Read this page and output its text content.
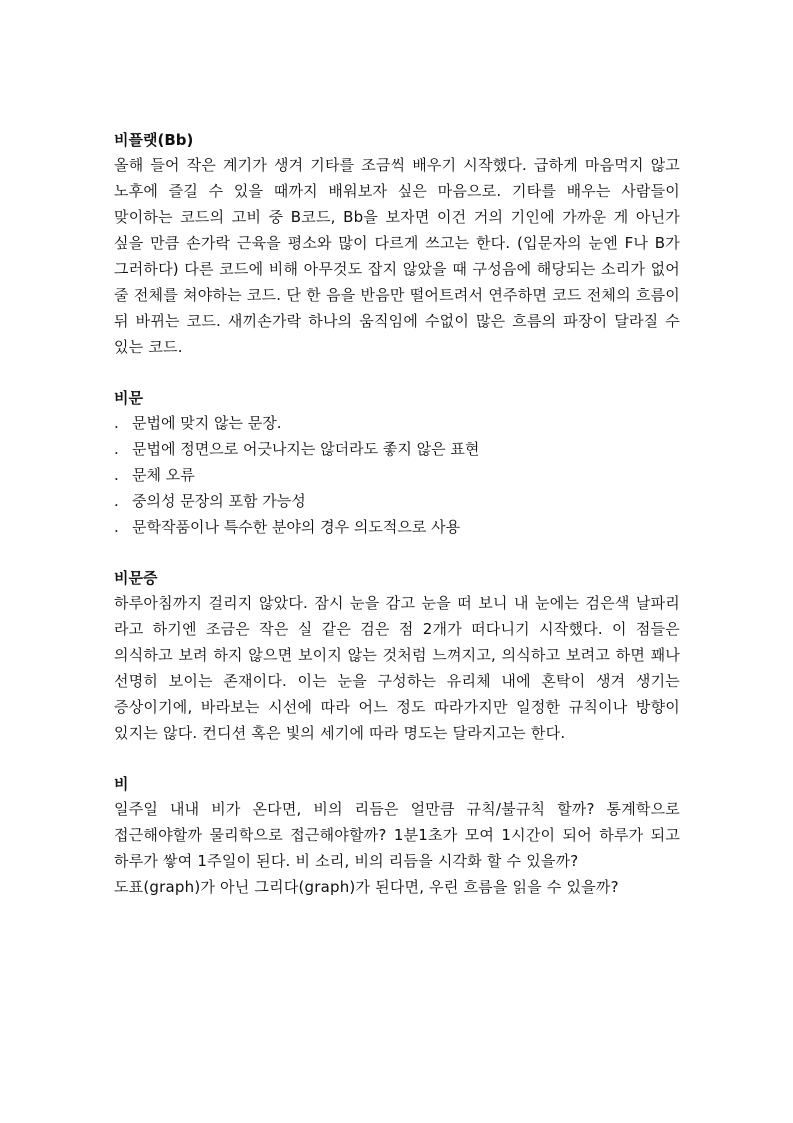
비플랫(Bb)

올해 들어 작은 계기가 생겨 기타를 조금씩 배우기 시작했다. 급하게 마음먹지 않고 노후에 즐길 수 있을 때까지 배워보자 싶은 마음으로. 기타를 배우는 사람들이 맞이하는 코드의 고비 중 B코드, Bb을 보자면 이건 거의 기인에 가까운 게 아닌가 싶을 만큼 손가락 근육을 평소와 많이 다르게 쓰고는 한다. (입문자의 눈엔 F나 B가 그러하다) 다른 코드에 비해 아무것도 잡지 않았을 때 구성음에 해당되는 소리가 없어 줄 전체를 쳐야하는 코드. 단 한 음을 반음만 떨어트려서 연주하면 코드 전체의 흐름이 뒤 바뀌는 코드. 새끼손가락 하나의 움직임에 수없이 많은 흐름의 파장이 달라질 수 있는 코드.

비문
. 문법에 맞지 않는 문장.
. 문법에 정면으로 어긋나지는 않더라도 좋지 않은 표현
. 문체 오류
. 중의성 문장의 포함 가능성
. 문학작품이나 특수한 분야의 경우 의도적으로 사용
비문증

하루아침까지 걸리지 않았다. 잠시 눈을 감고 눈을 떠 보니 내 눈에는 검은색 날파리 라고 하기엔 조금은 작은 실 같은 검은 점 2개가 떠다니기 시작했다. 이 점들은 의식하고 보려 하지 않으면 보이지 않는 것처럼 느껴지고, 의식하고 보려고 하면 꽤나 선명히 보이는 존재이다. 이는 눈을 구성하는 유리체 내에 혼탁이 생겨 생기는 증상이기에, 바라보는 시선에 따라 어느 정도 따라가지만 일정한 규칙이나 방향이 있지는 않다. 컨디션 혹은 빛의 세기에 따라 명도는 달라지고는 한다.

비

일주일 내내 비가 온다면, 비의 리듬은 얼만큼 규칙/불규칙 할까? 통계학으로 접근해야할까 물리학으로 접근해야할까? 1분1초가 모여 1시간이 되어 하루가 되고 하루가 쌓여 1주일이 된다. 비 소리, 비의 리듬을 시각화 할 수 있을까?

도표(graph)가 아닌 그리다(graph)가 된다면, 우린 흐름을 읽을 수 있을까?
